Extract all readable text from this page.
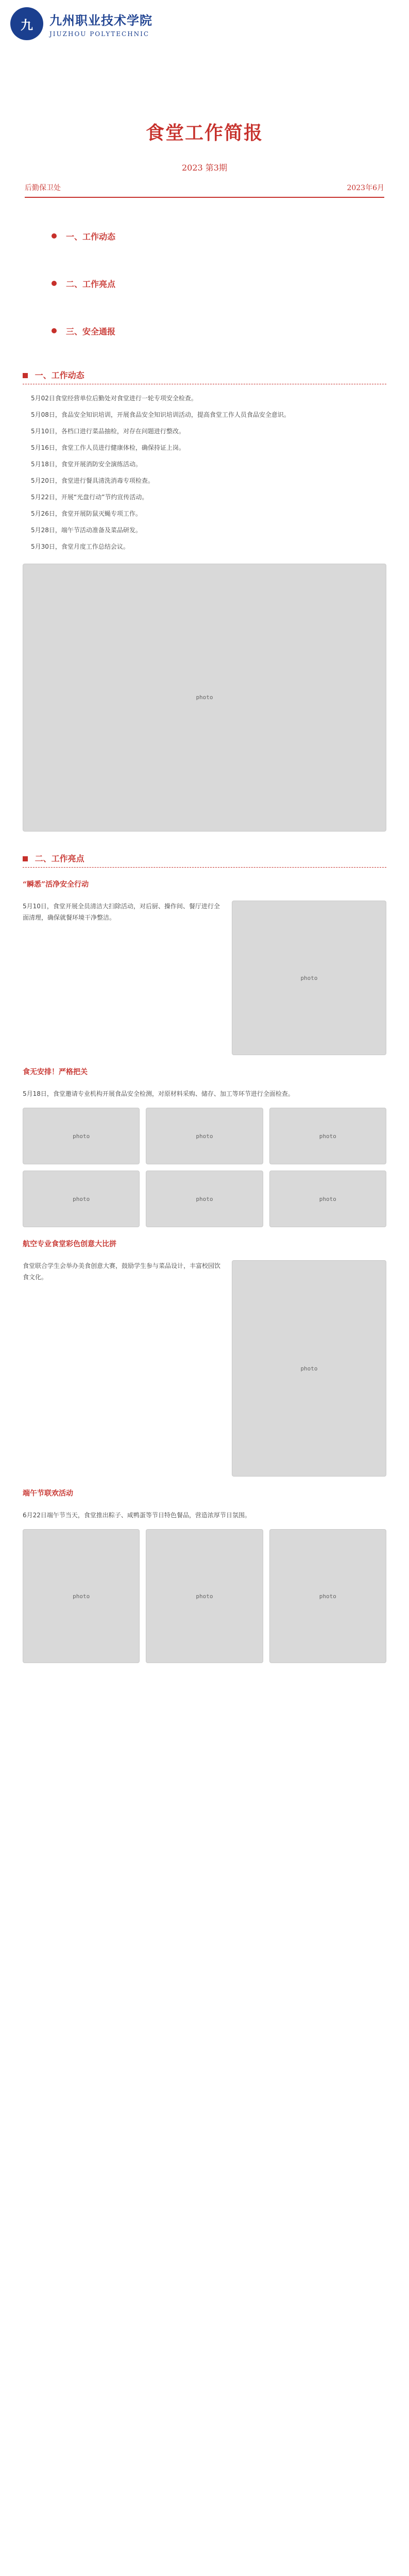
九	九州职业技术学院
JIUZHOU POLYTECHNIC
食堂工作简报
2023 第3期
后勤保卫处	2023年6月
一、工作动态
二、工作亮点
三、安全通报
一、工作动态
5月02日食堂经营单位后勤处对食堂进行一轮专项安全检查。
5月08日，食品安全知识培训，开展食品安全知识培训活动，提高食堂工作人员食品安全意识。
5月10日，各档口进行菜品抽检，对存在问题进行整改。
5月16日，食堂工作人员进行健康体检，确保持证上岗。
5月18日，食堂开展消防安全演练活动。
5月20日，食堂进行餐具清洗消毒专项检查。
5月22日，开展“光盘行动”节约宣传活动。
5月26日，食堂开展防鼠灭蝇专项工作。
5月28日，端午节活动准备及菜品研发。
5月30日，食堂月度工作总结会议。
photo
二、工作亮点
“瞬悉”活净安全行动
5月10日，食堂开展全员清洁大扫除活动，对后厨、操作间、餐厅进行全面清理，确保就餐环境干净整洁。
photo
食无安排！严格把关
5月18日，食堂邀请专业机构开展食品安全检测，对原材料采购、储存、加工等环节进行全面检查。
photo	photo	photo
photo	photo	photo
航空专业食堂彩色创意大比拼
食堂联合学生会举办美食创意大赛，鼓励学生参与菜品设计，丰富校园饮食文化。
photo
端午节联欢活动
6月22日端午节当天，食堂推出粽子、咸鸭蛋等节日特色餐品，营造浓厚节日氛围。
photo	photo	photo
